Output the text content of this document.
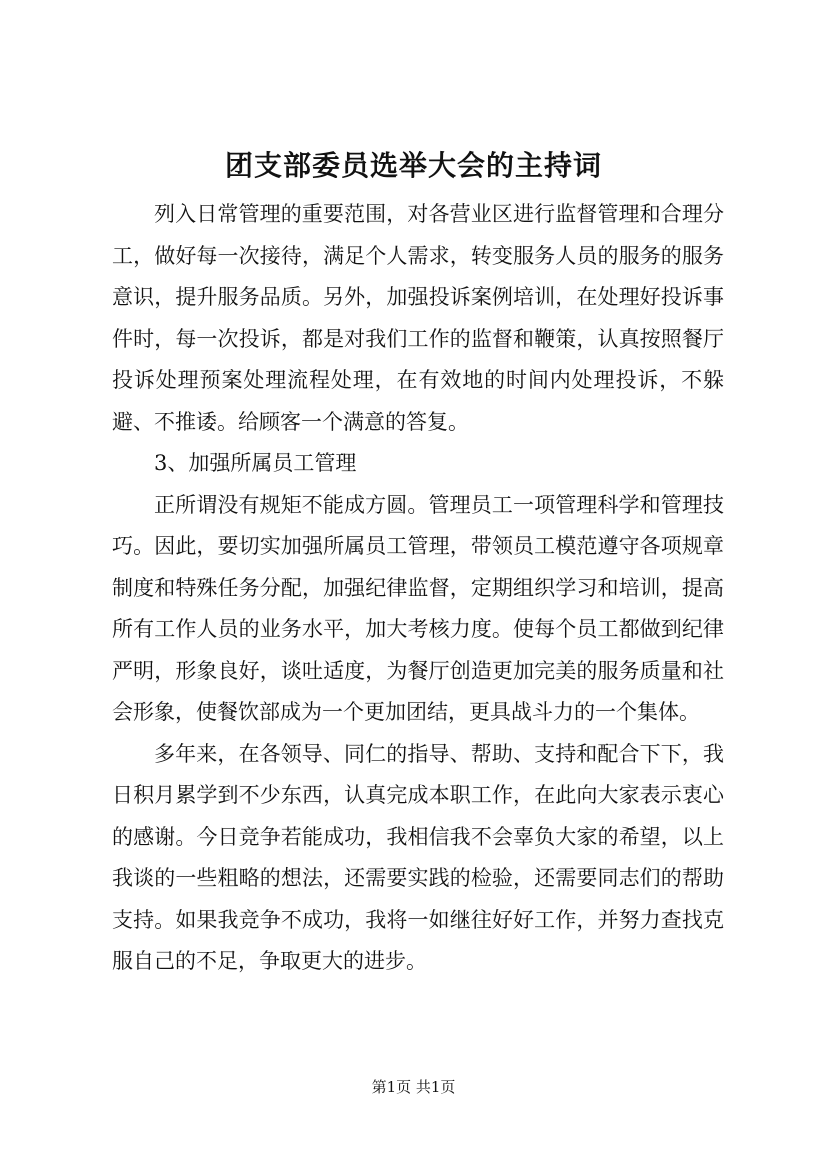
团支部委员选举大会的主持词

列入日常管理的重要范围，对各营业区进行监督管理和合理分工，做好每一次接待，满足个人需求，转变服务人员的服务的服务意识，提升服务品质。另外，加强投诉案例培训，在处理好投诉事件时，每一次投诉，都是对我们工作的监督和鞭策，认真按照餐厅投诉处理预案处理流程处理，在有效地的时间内处理投诉，不躲避、不推诿。给顾客一个满意的答复。

3、加强所属员工管理

正所谓没有规矩不能成方圆。管理员工一项管理科学和管理技巧。因此，要切实加强所属员工管理，带领员工模范遵守各项规章制度和特殊任务分配，加强纪律监督，定期组织学习和培训，提高所有工作人员的业务水平，加大考核力度。使每个员工都做到纪律严明，形象良好，谈吐适度，为餐厅创造更加完美的服务质量和社会形象，使餐饮部成为一个更加团结，更具战斗力的一个集体。

多年来，在各领导、同仁的指导、帮助、支持和配合下下，我日积月累学到不少东西，认真完成本职工作，在此向大家表示衷心的感谢。今日竞争若能成功，我相信我不会辜负大家的希望，以上我谈的一些粗略的想法，还需要实践的检验，还需要同志们的帮助支持。如果我竞争不成功，我将一如继往好好工作，并努力查找克服自己的不足，争取更大的进步。

第1页 共1页
